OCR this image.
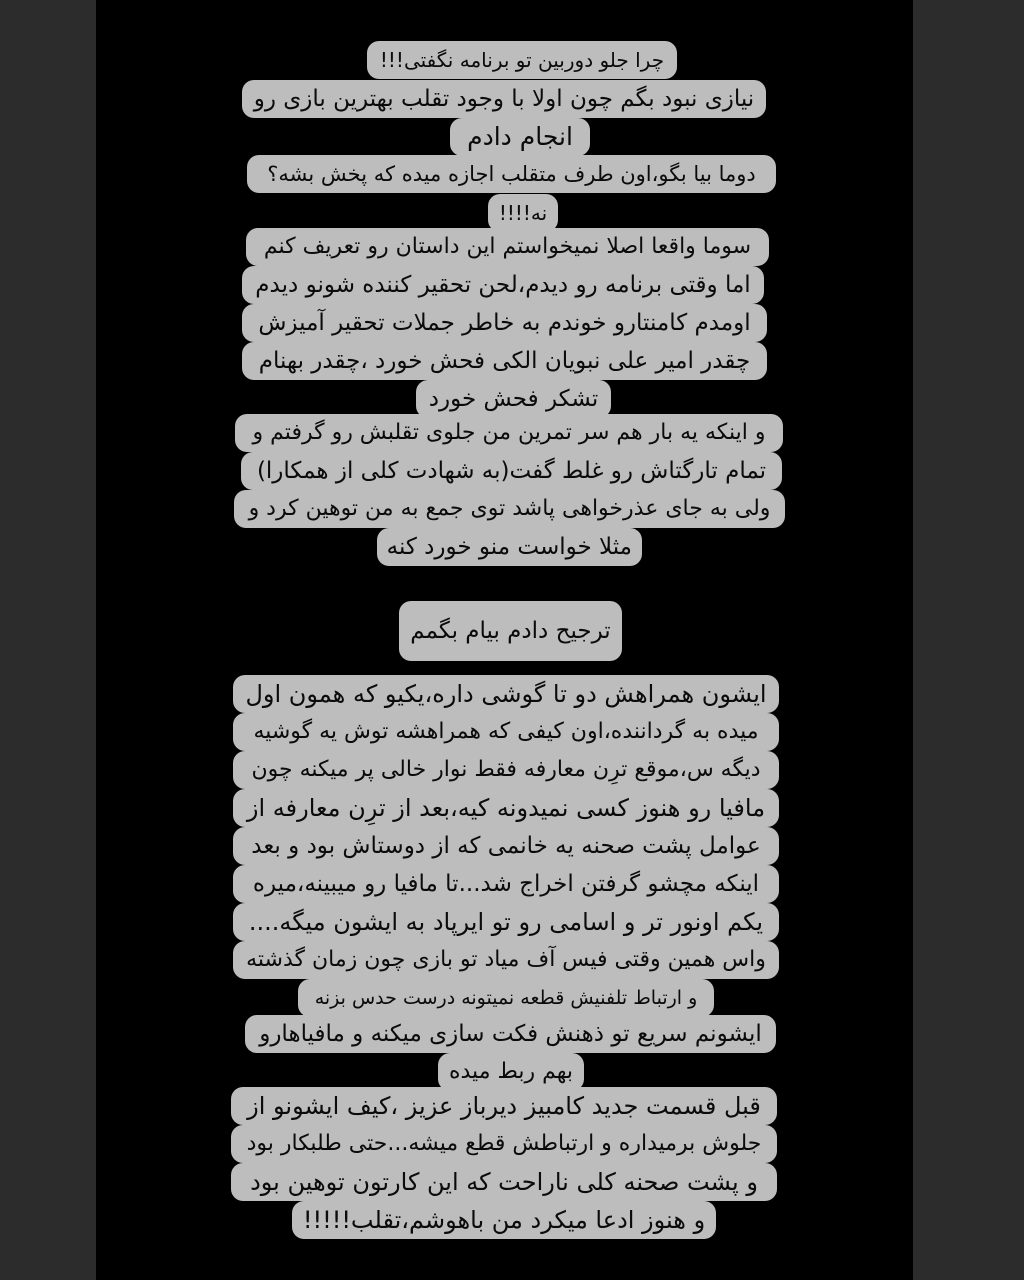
چرا جلو دوربین تو برنامه نگفتی!!!
نیازی نبود بگم چون اولا با وجود تقلب بهترین بازی رو
انجام دادم
دوما بیا بگو،اون طرف متقلب اجازه میده که پخش بشه؟
نه!!!!
سوما واقعا اصلا نمیخواستم این داستان رو تعریف کنم
اما وقتی برنامه رو دیدم،لحن تحقیر کننده شونو دیدم
اومدم کامنتارو خوندم به خاطر جملات تحقیر آمیزش
چقدر امیر علی نبویان الکی فحش خورد ،چقدر بهنام
تشکر فحش خورد
و اینکه یه بار هم سر تمرین من جلوی تقلبش رو گرفتم و
تمام تارگتاش رو غلط گفت(به شهادت کلی از همکارا)
ولی به جای عذرخواهی پاشد توی جمع به من توهین کرد و
مثلا خواست منو خورد کنه
ترجیح دادم بیام بگمم
ایشون همراهش دو تا گوشی داره،یکیو که همون اول
میده به گرداننده،اون کیفی که همراهشه توش یه گوشیه
دیگه س،موقع ترِن معارفه فقط نوار خالی پر میکنه چون
مافیا رو هنوز کسی نمیدونه کیه،بعد از ترِن معارفه از
عوامل پشت صحنه یه خانمی که از دوستاش بود و بعد
اینکه مچشو گرفتن اخراج شد...تا مافیا رو میبینه،میره
یکم اونور تر و اسامی رو تو ایرپاد به ایشون میگه....
واس همین وقتی فیس آف میاد تو بازی چون زمان گذشته
و ارتباط تلفنیش قطعه نمیتونه درست حدس بزنه
ایشونم سریع تو ذهنش فکت سازی میکنه و مافیاهارو
بهم ربط میده
قبل قسمت جدید کامبیز دیرباز عزیز ،کیف ایشونو از
جلوش برمیداره و ارتباطش قطع میشه...حتی طلبکار بود
و پشت صحنه کلی ناراحت که این کارتون توهین بود
و هنوز ادعا میکرد من باهوشم،تقلب!!!!!
